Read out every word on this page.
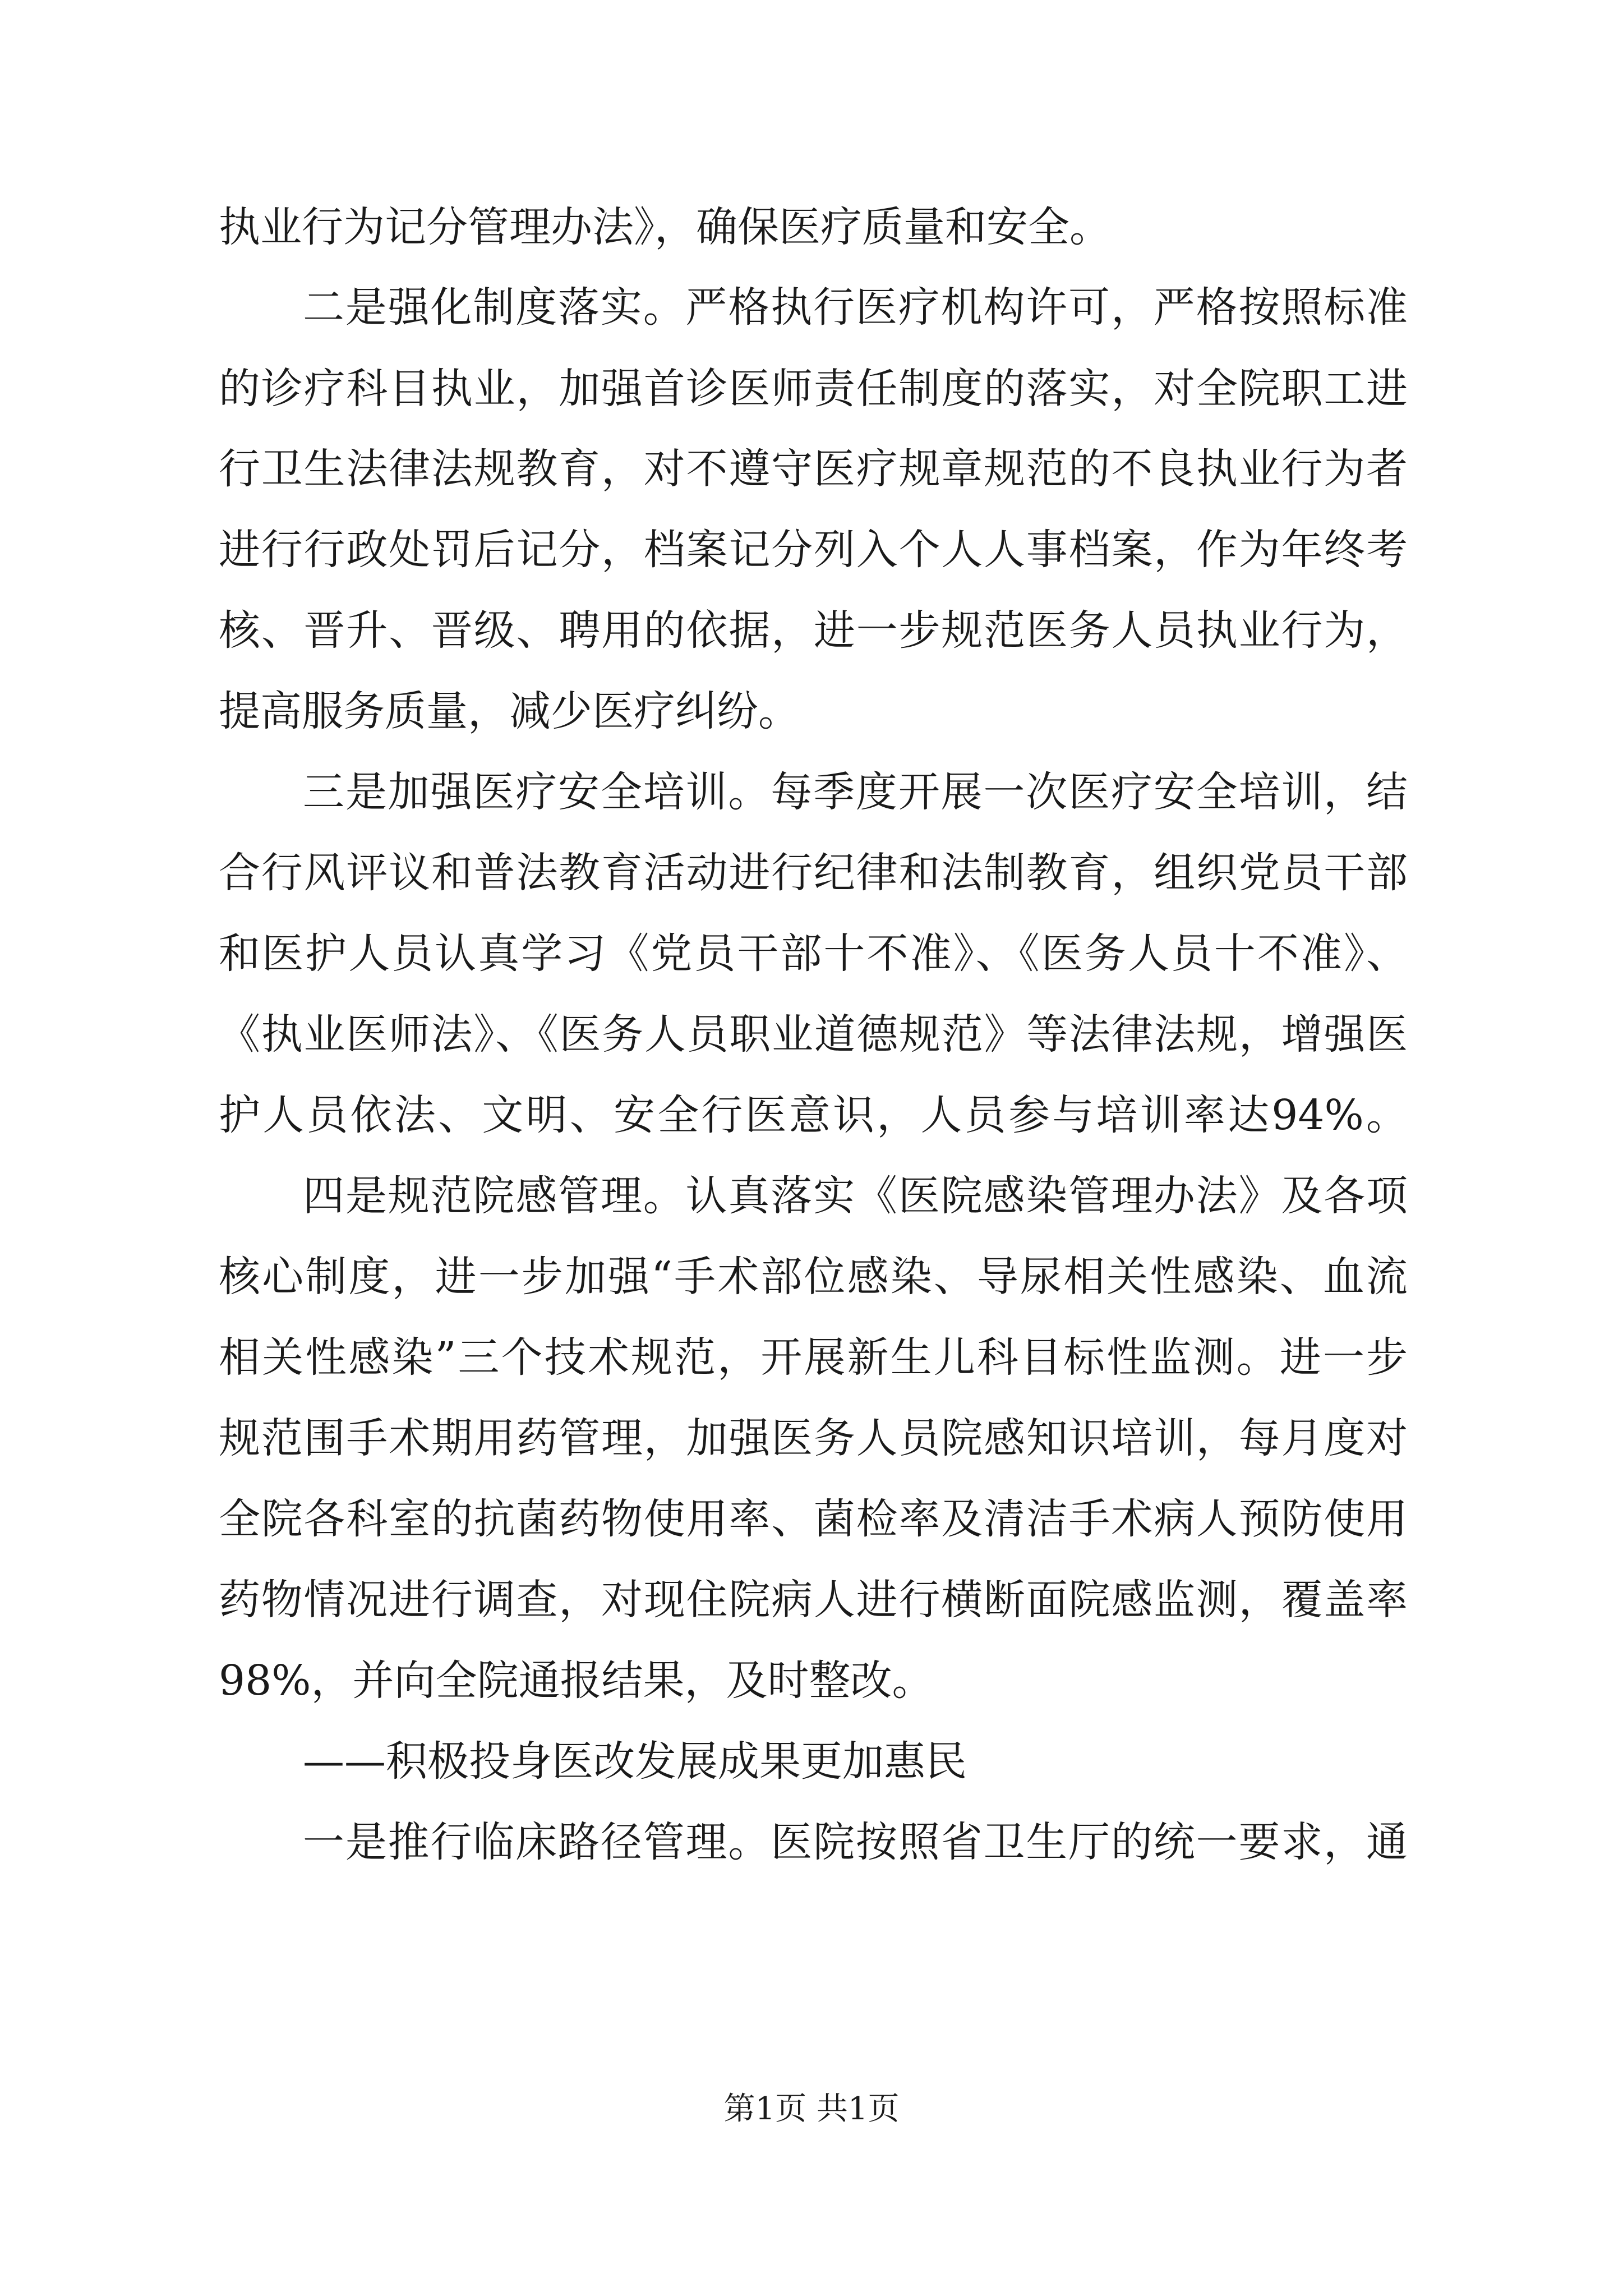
执业行为记分管理办法》，确保医疗质量和安全。
二是强化制度落实。严格执行医疗机构许可，严格按照标准
的诊疗科目执业，加强首诊医师责任制度的落实，对全院职工进
行卫生法律法规教育，对不遵守医疗规章规范的不良执业行为者
进行行政处罚后记分，档案记分列入个人人事档案，作为年终考
核、晋升、晋级、聘用的依据，进一步规范医务人员执业行为，
提高服务质量，减少医疗纠纷。
三是加强医疗安全培训。每季度开展一次医疗安全培训，结
合行风评议和普法教育活动进行纪律和法制教育，组织党员干部
和医护人员认真学习《党员干部十不准》、《医务人员十不准》、
《执业医师法》、《医务人员职业道德规范》等法律法规，增强医
护人员依法、文明、安全行医意识，人员参与培训率达94%。
四是规范院感管理。认真落实《医院感染管理办法》及各项
核心制度，进一步加强“手术部位感染、导尿相关性感染、血流
相关性感染”三个技术规范，开展新生儿科目标性监测。进一步
规范围手术期用药管理，加强医务人员院感知识培训，每月度对
全院各科室的抗菌药物使用率、菌检率及清洁手术病人预防使用
药物情况进行调查，对现住院病人进行横断面院感监测，覆盖率
98%，并向全院通报结果，及时整改。
——积极投身医改发展成果更加惠民
一是推行临床路径管理。医院按照省卫生厅的统一要求，通
第1页 共1页
